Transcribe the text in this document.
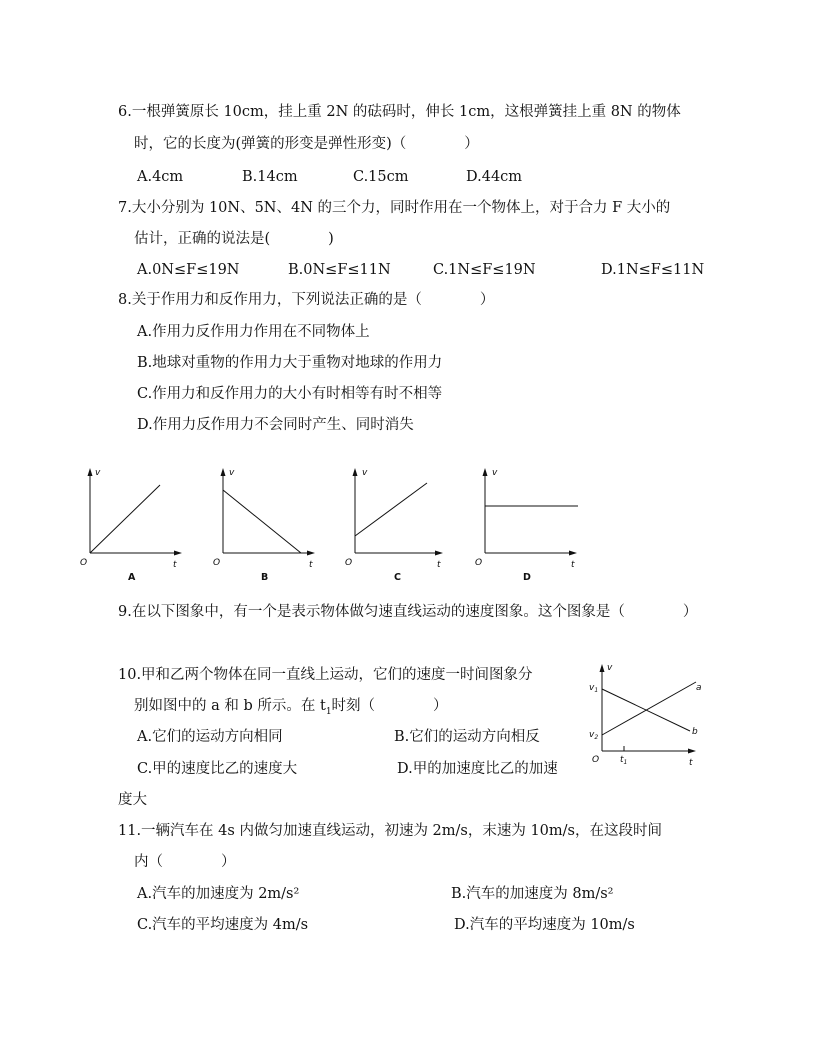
6.一根弹簧原长 10cm，挂上重 2N 的砝码时，伸长 1cm，这根弹簧挂上重 8N 的物体
时，它的长度为(弹簧的形变是弹性形变)（　　　　）
A.4cm	B.14cm	C.15cm	D.44cm
7.大小分别为 10N、5N、4N 的三个力，同时作用在一个物体上，对于合力 F 大小的
估计，正确的说法是(　　　　)
A.0N≤F≤19N	B.0N≤F≤11N	C.1N≤F≤19N	D.1N≤F≤11N
8.关于作用力和反作用力，下列说法正确的是（　　　　）
A.作用力反作用力作用在不同物体上
B.地球对重物的作用力大于重物对地球的作用力
C.作用力和反作用力的大小有时相等有时不相等
D.作用力反作用力不会同时产生、同时消失
v
t
O
A
v
t
O
B
v
t
O
C
v
t
O
D
v
t
O
$v_1$
$v_2$
$t_1$
a
b
9.在以下图象中，有一个是表示物体做匀速直线运动的速度图象。这个图象是（　　　　）
10.甲和乙两个物体在同一直线上运动，它们的速度一时间图象分
别如图中的 a 和 b 所示。在 $t_1$时刻（　　　　）
A.它们的运动方向相同	B.它们的运动方向相反
C.甲的速度比乙的速度大	D.甲的加速度比乙的加速
度大
11.一辆汽车在 4s 内做匀加速直线运动，初速为 2m/s，末速为 10m/s，在这段时间
内（　　　　）
A.汽车的加速度为 2m/s²	B.汽车的加速度为 8m/s²
C.汽车的平均速度为 4m/s	D.汽车的平均速度为 10m/s
